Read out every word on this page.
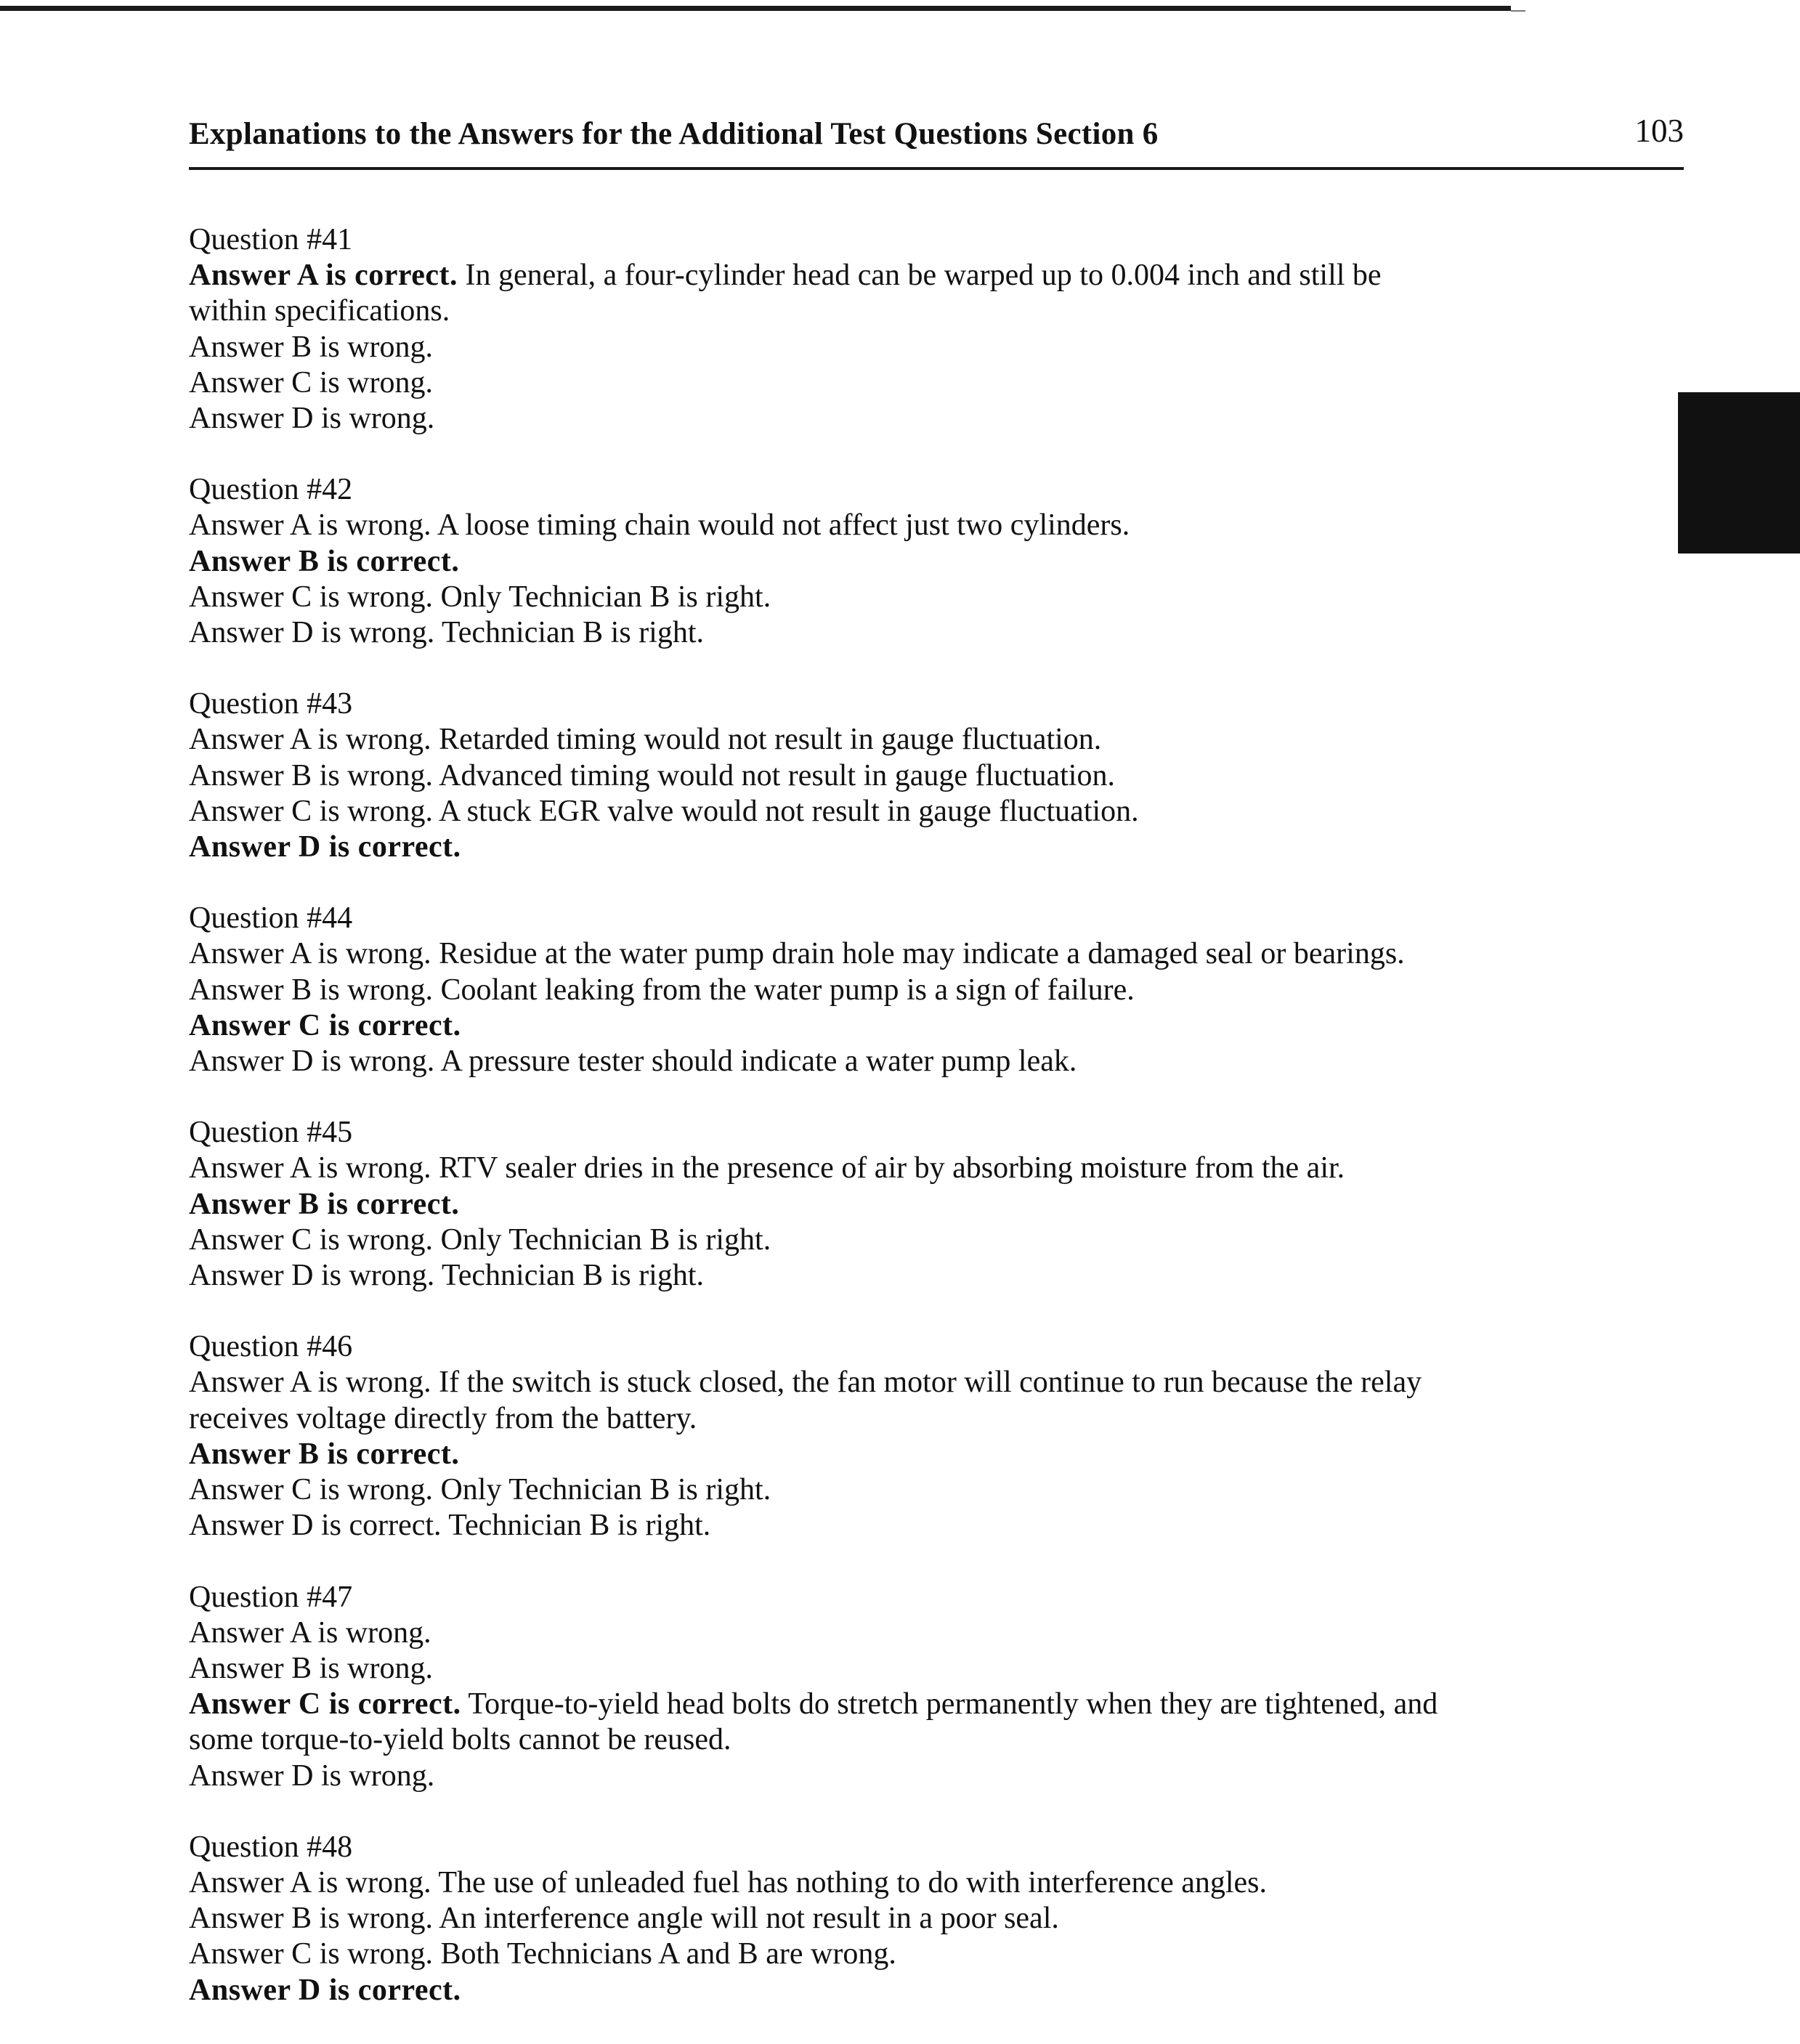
Explanations to the Answers for the Additional Test Questions Section 6	103
Question #41
Answer A is correct. In general, a four-cylinder head can be warped up to 0.004 inch and still be
within specifications.
Answer B is wrong.
Answer C is wrong.
Answer D is wrong.
Question #42
Answer A is wrong. A loose timing chain would not affect just two cylinders.
Answer B is correct.
Answer C is wrong. Only Technician B is right.
Answer D is wrong. Technician B is right.
Question #43
Answer A is wrong. Retarded timing would not result in gauge fluctuation.
Answer B is wrong. Advanced timing would not result in gauge fluctuation.
Answer C is wrong. A stuck EGR valve would not result in gauge fluctuation.
Answer D is correct.
Question #44
Answer A is wrong. Residue at the water pump drain hole may indicate a damaged seal or bearings.
Answer B is wrong. Coolant leaking from the water pump is a sign of failure.
Answer C is correct.
Answer D is wrong. A pressure tester should indicate a water pump leak.
Question #45
Answer A is wrong. RTV sealer dries in the presence of air by absorbing moisture from the air.
Answer B is correct.
Answer C is wrong. Only Technician B is right.
Answer D is wrong. Technician B is right.
Question #46
Answer A is wrong. If the switch is stuck closed, the fan motor will continue to run because the relay
receives voltage directly from the battery.
Answer B is correct.
Answer C is wrong. Only Technician B is right.
Answer D is correct. Technician B is right.
Question #47
Answer A is wrong.
Answer B is wrong.
Answer C is correct. Torque-to-yield head bolts do stretch permanently when they are tightened, and
some torque-to-yield bolts cannot be reused.
Answer D is wrong.
Question #48
Answer A is wrong. The use of unleaded fuel has nothing to do with interference angles.
Answer B is wrong. An interference angle will not result in a poor seal.
Answer C is wrong. Both Technicians A and B are wrong.
Answer D is correct.
